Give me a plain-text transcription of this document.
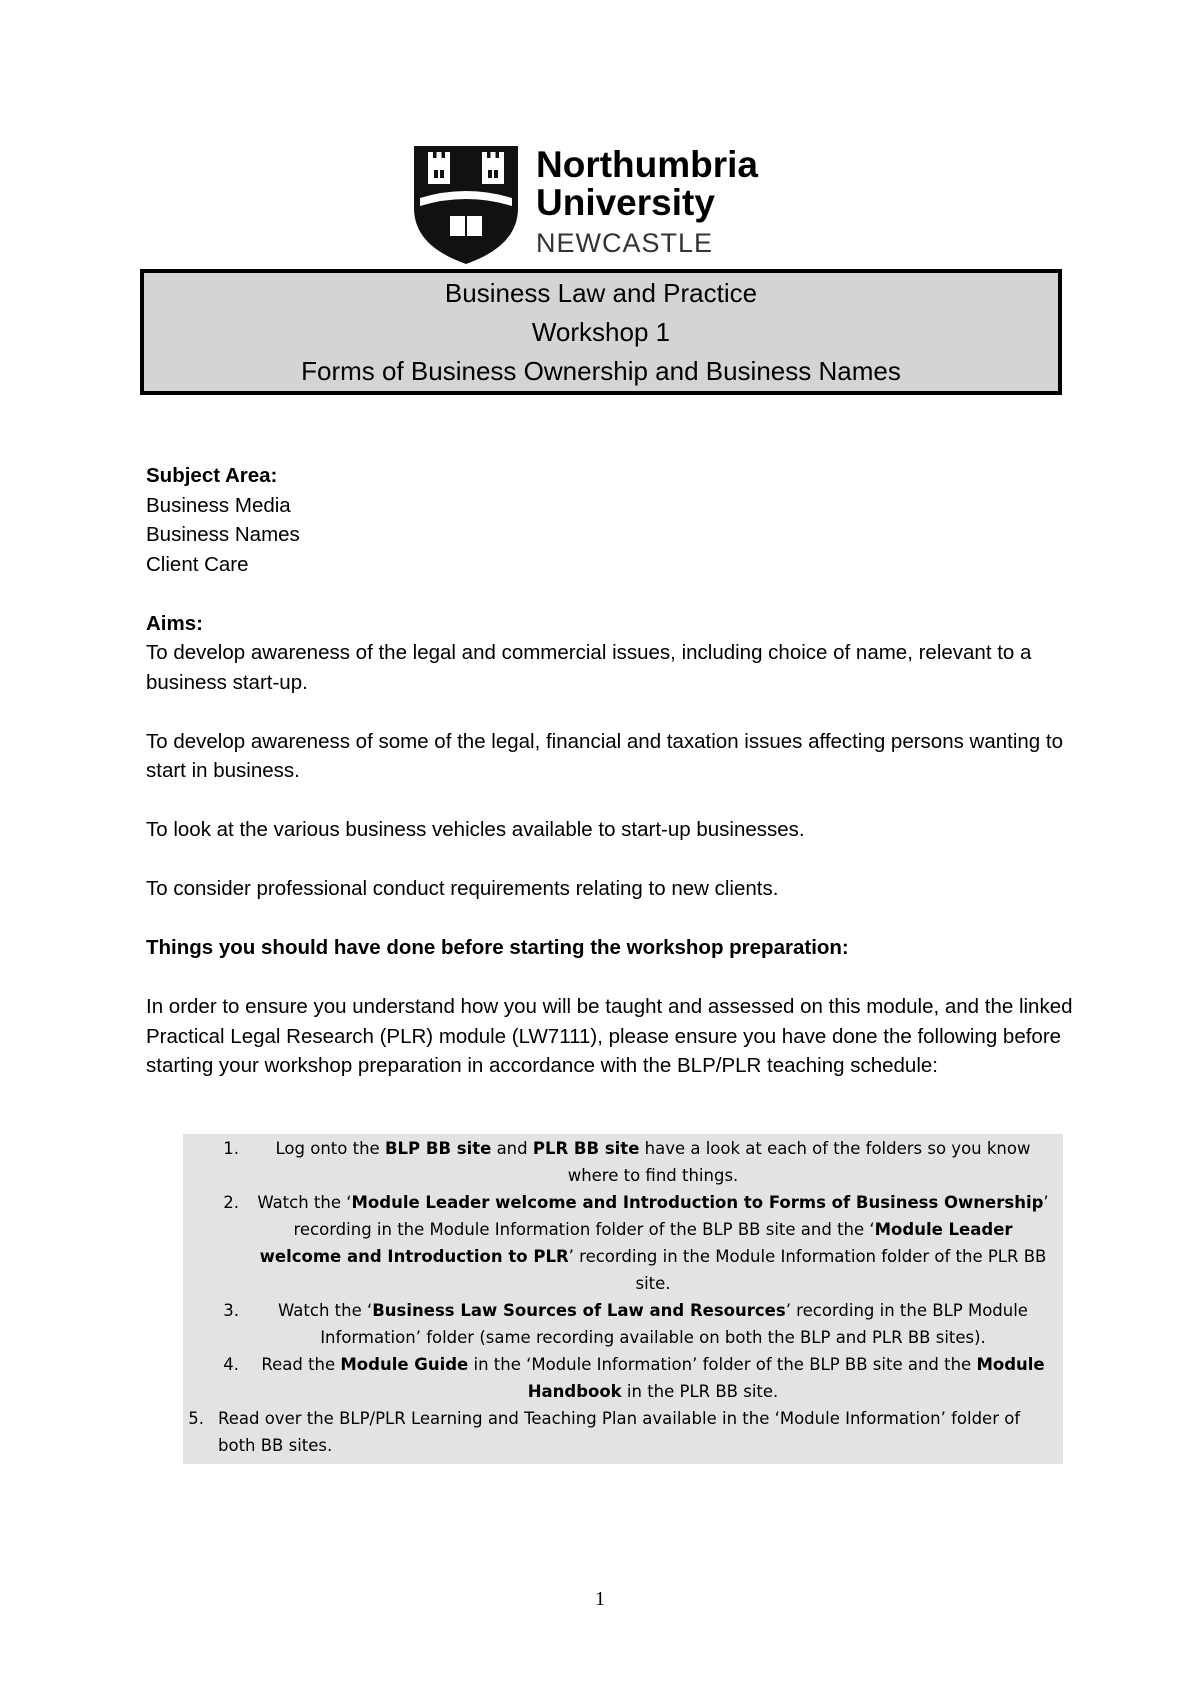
Northumbria
University
NEWCASTLE
Business Law and Practice
Workshop 1
Forms of Business Ownership and Business Names

Subject Area:

Business Media

Business Names

Client Care

Aims:

To develop awareness of the legal and commercial issues, including choice of name, relevant to a business start-up.

To develop awareness of some of the legal, financial and taxation issues affecting persons wanting to start in business.

To look at the various business vehicles available to start-up businesses.

To consider professional conduct requirements relating to new clients.

Things you should have done before starting the workshop preparation:

In order to ensure you understand how you will be taught and assessed on this module, and the linked Practical Legal Research (PLR) module (LW7111), please ensure you have done the following before starting your workshop preparation in accordance with the BLP/PLR teaching schedule:

1.	Log onto the BLP BB site and PLR BB site have a look at each of the folders so you know where to find things.
2.	Watch the ‘Module Leader welcome and Introduction to Forms of Business Ownership’ recording in the Module Information folder of the BLP BB site and the ‘Module Leader welcome and Introduction to PLR’ recording in the Module Information folder of the PLR BB site.
3.	Watch the ‘Business Law Sources of Law and Resources’ recording in the BLP Module Information’ folder (same recording available on both the BLP and PLR BB sites).
4.	Read the Module Guide in the ‘Module Information’ folder of the BLP BB site and the Module Handbook in the PLR BB site.
5. Read over the BLP/PLR Learning and Teaching Plan available in the ‘Module Information’ folder of both BB sites.
1
